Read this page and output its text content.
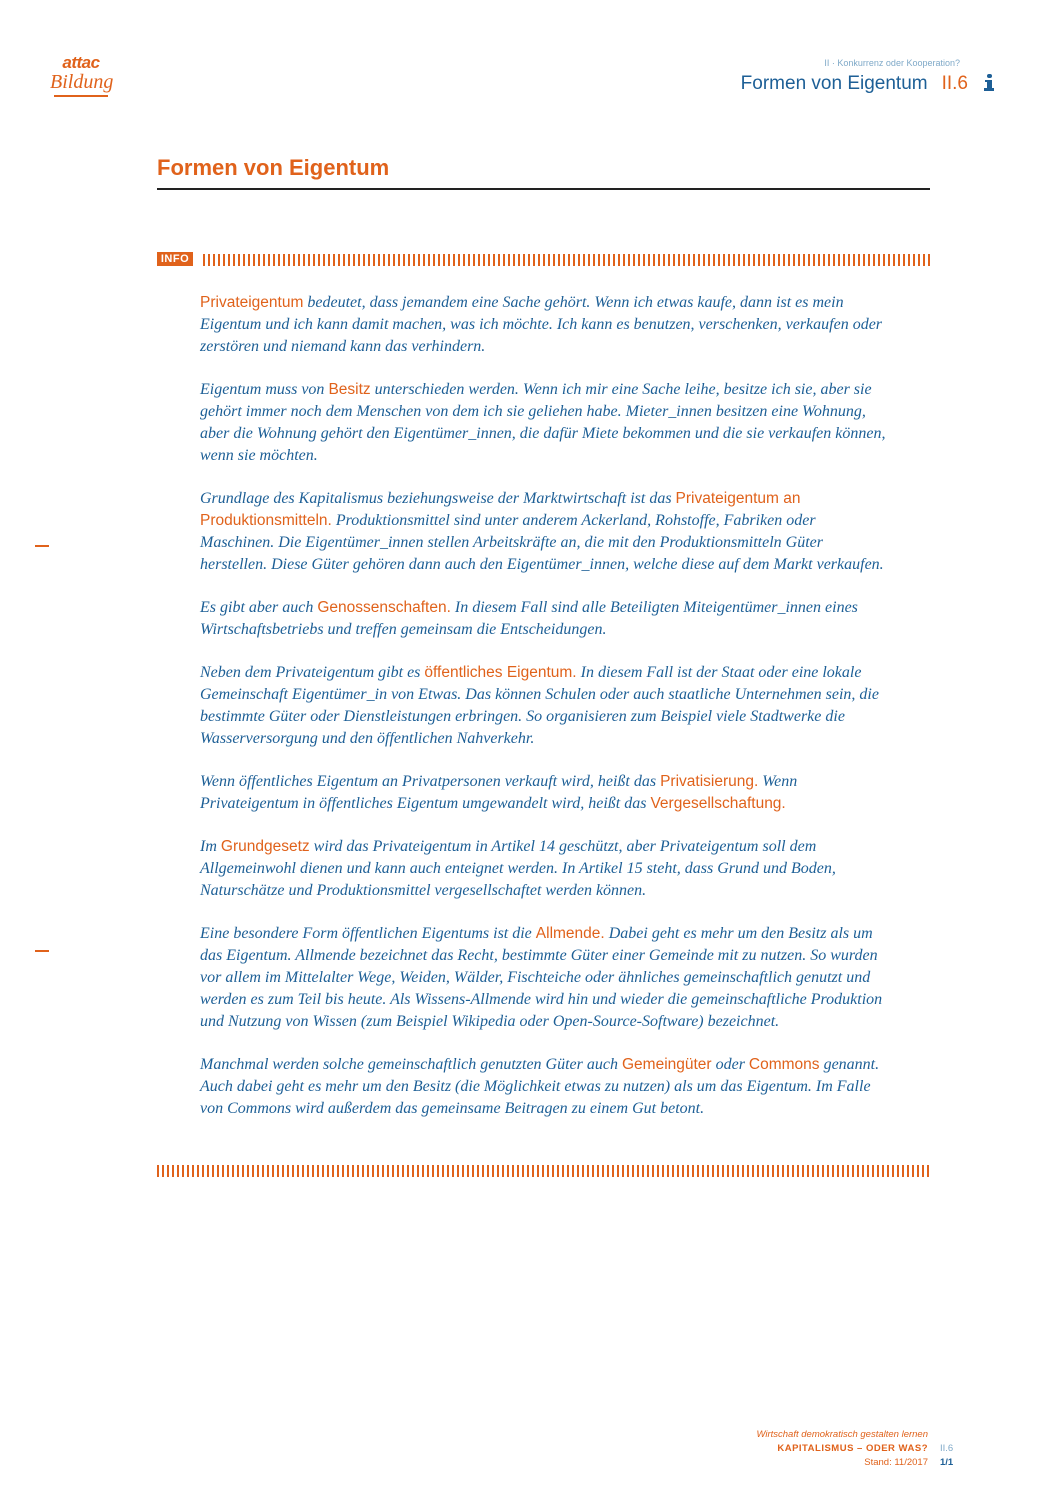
attac
Bildung
II · Konkurrenz oder Kooperation?
Formen von Eigentum II.6
Formen von Eigentum
INFO

Privateigentum bedeutet, dass jemandem eine Sache gehört. Wenn ich etwas kaufe, dann ist es mein Eigentum und ich kann damit machen, was ich möchte. Ich kann es benutzen, verschenken, verkaufen oder zerstören und niemand kann das verhindern.

Eigentum muss von Besitz unterschieden werden. Wenn ich mir eine Sache leihe, besitze ich sie, aber sie gehört immer noch dem Menschen von dem ich sie geliehen habe. Mieter_innen besitzen eine Wohnung, aber die Wohnung gehört den Eigentümer_innen, die dafür Miete bekommen und die sie verkaufen können, wenn sie möchten.

Grundlage des Kapitalismus beziehungsweise der Marktwirtschaft ist das Privateigentum an Produktionsmitteln. Produktionsmittel sind unter anderem Ackerland, Rohstoffe, Fabriken oder Maschinen. Die Eigentümer_innen stellen Arbeitskräfte an, die mit den Produktionsmitteln Güter herstellen. Diese Güter gehören dann auch den Eigentümer_innen, welche diese auf dem Markt verkaufen.

Es gibt aber auch Genossenschaften. In diesem Fall sind alle Beteiligten Miteigentümer_innen eines Wirtschaftsbetriebs und treffen gemeinsam die Entscheidungen.

Neben dem Privateigentum gibt es öffentliches Eigentum. In diesem Fall ist der Staat oder eine lokale Gemeinschaft Eigentümer_in von Etwas. Das können Schulen oder auch staatliche Unternehmen sein, die bestimmte Güter oder Dienstleistungen erbringen. So organisieren zum Beispiel viele Stadtwerke die Wasserversorgung und den öffentlichen Nahverkehr.

Wenn öffentliches Eigentum an Privatpersonen verkauft wird, heißt das Privatisierung. Wenn Privateigentum in öffentliches Eigentum umgewandelt wird, heißt das Vergesellschaftung.

Im Grundgesetz wird das Privateigentum in Artikel 14 geschützt, aber Privateigentum soll dem Allgemeinwohl dienen und kann auch enteignet werden. In Artikel 15 steht, dass Grund und Boden, Naturschätze und Produktionsmittel vergesellschaftet werden können.

Eine besondere Form öffentlichen Eigentums ist die Allmende. Dabei geht es mehr um den Besitz als um das Eigentum. Allmende bezeichnet das Recht, bestimmte Güter einer Gemeinde mit zu nutzen. So wurden vor allem im Mittelalter Wege, Weiden, Wälder, Fischteiche oder ähnliches gemeinschaftlich genutzt und werden es zum Teil bis heute. Als Wissens-Allmende wird hin und wieder die gemeinschaftliche Produktion und Nutzung von Wissen (zum Beispiel Wikipedia oder Open-Source-Software) bezeichnet.

Manchmal werden solche gemeinschaftlich genutzten Güter auch Gemeingüter oder Commons genannt. Auch dabei geht es mehr um den Besitz (die Möglichkeit etwas zu nutzen) als um das Eigentum. Im Falle von Commons wird außerdem das gemeinsame Beitragen zu einem Gut betont.

Wirtschaft demokratisch gestalten lernen
KAPITALISMUS – ODER WAS?
Stand: 11/2017
II.6
1/1
